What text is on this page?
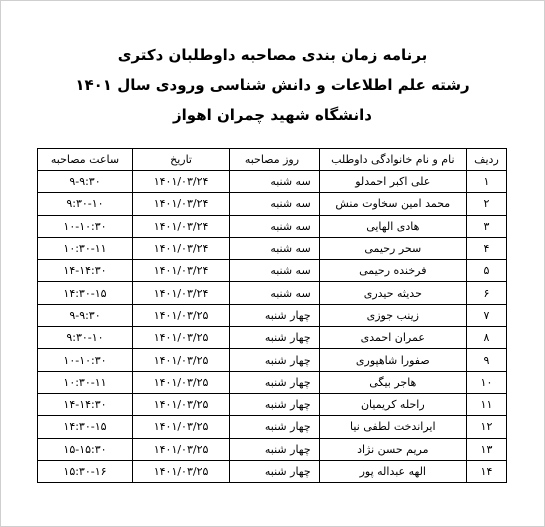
برنامه زمان بندی مصاحبه داوطلبان دکتری
رشته علم اطلاعات و دانش شناسی ورودی سال ۱۴۰۱
دانشگاه شهید چمران اهواز
ردیف	نام و نام خانوادگی داوطلب	روز مصاحبه	تاریخ	ساعت مصاحبه
۱	علی اکبر احمدلو	سه شنبه	۱۴۰۱/۰۳/۲۴	۹-۹:۳۰
۲	محمد امین سخاوت منش	سه شنبه	۱۴۰۱/۰۳/۲۴	۹:۳۰-۱۰
۳	هادی الهایی	سه شنبه	۱۴۰۱/۰۳/۲۴	۱۰-۱۰:۳۰
۴	سحر رحیمی	سه شنبه	۱۴۰۱/۰۳/۲۴	۱۰:۳۰-۱۱
۵	فرخنده رحیمی	سه شنبه	۱۴۰۱/۰۳/۲۴	۱۴-۱۴:۳۰
۶	حدیثه حیدری	سه شنبه	۱۴۰۱/۰۳/۲۴	۱۴:۳۰-۱۵
۷	زینب جوزی	چهار شنبه	۱۴۰۱/۰۳/۲۵	۹-۹:۳۰
۸	عمران احمدی	چهار شنبه	۱۴۰۱/۰۳/۲۵	۹:۳۰-۱۰
۹	صفورا شاهپوری	چهار شنبه	۱۴۰۱/۰۳/۲۵	۱۰-۱۰:۳۰
۱۰	هاجر بیگی	چهار شنبه	۱۴۰۱/۰۳/۲۵	۱۰:۳۰-۱۱
۱۱	راحله کریمیان	چهار شنبه	۱۴۰۱/۰۳/۲۵	۱۴-۱۴:۳۰
۱۲	ایراندخت لطفی نیا	چهار شنبه	۱۴۰۱/۰۳/۲۵	۱۴:۳۰-۱۵
۱۳	مریم حسن نژاد	چهار شنبه	۱۴۰۱/۰۳/۲۵	۱۵-۱۵:۳۰
۱۴	الهه عبداله پور	چهار شنبه	۱۴۰۱/۰۳/۲۵	۱۵:۳۰-۱۶
